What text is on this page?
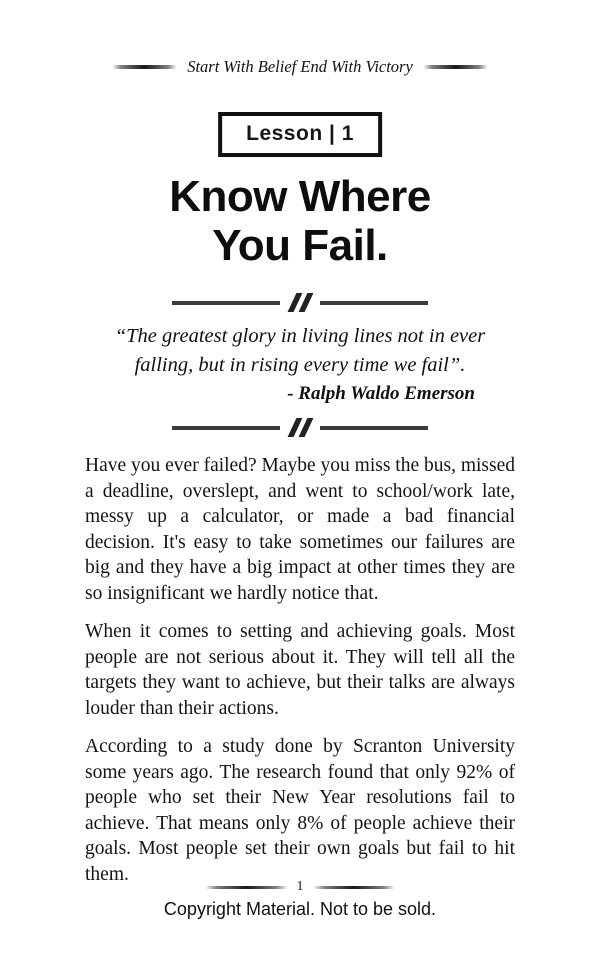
Start With Belief End With Victory
Lesson | 1
Know Where
You Fail.
“The greatest glory in living lines not in ever falling, but in rising every time we fail”.
- Ralph Waldo Emerson

Have you ever failed? Maybe you miss the bus, missed a deadline, overslept, and went to school/work late, messy up a calculator, or made a bad financial decision. It's easy to take sometimes our failures are big and they have a big impact at other times they are so insignificant we hardly notice that.

When it comes to setting and achieving goals. Most people are not serious about it. They will tell all the targets they want to achieve, but their talks are always louder than their actions.

According to a study done by Scranton University some years ago. The research found that only 92% of people who set their New Year resolutions fail to achieve. That means only 8% of people achieve their goals. Most people set their own goals but fail to hit them.

1
Copyright Material. Not to be sold.
